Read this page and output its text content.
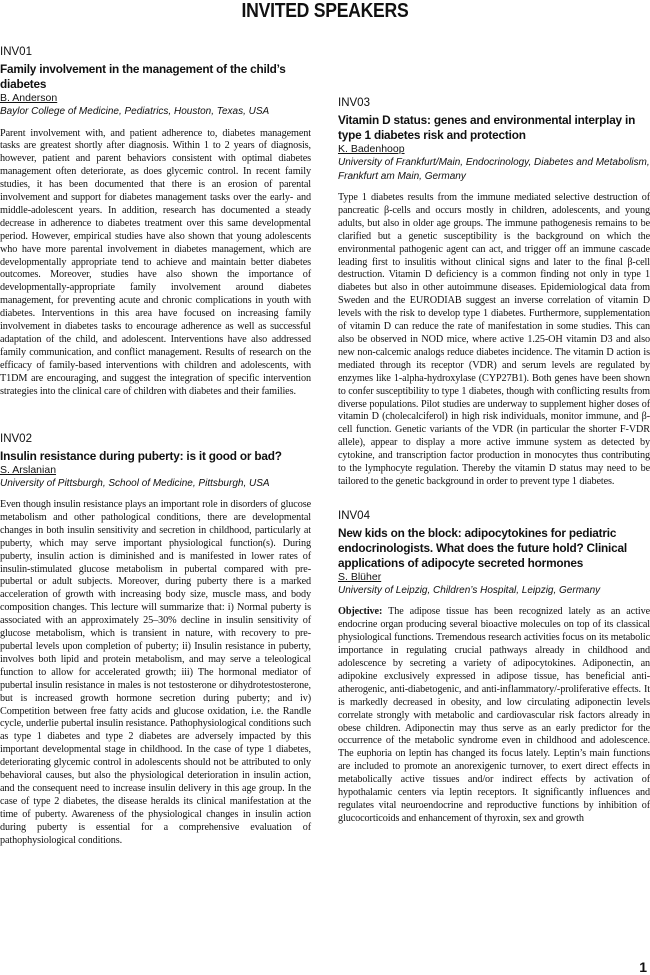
INVITED SPEAKERS
INV01
Family involvement in the management of the child’s diabetes
B. Anderson
Baylor College of Medicine, Pediatrics, Houston, Texas, USA

Parent involvement with, and patient adherence to, diabetes management tasks are greatest shortly after diagnosis. Within 1 to 2 years of diagnosis, however, patient and parent behaviors consistent with optimal diabetes management often deteriorate, as does glycemic control. In recent family studies, it has been documented that there is an erosion of parental involvement and support for diabetes management tasks over the early- and middle-adolescent years. In addition, research has documented a steady decrease in adherence to diabetes treatment over this same developmental period. However, empirical studies have also shown that young adolescents who have more parental involvement in diabetes management, which are developmentally appropriate tend to achieve and maintain better diabetes outcomes. Moreover, studies have also shown the importance of developmentally-appropriate family involvement around diabetes management, for preventing acute and chronic complications in youth with diabetes. Interventions in this area have focused on increasing family involvement in diabetes tasks to encourage adherence as well as successful adaptation of the child, and adolescent. Interventions have also addressed family communication, and conflict management. Results of research on the efficacy of family-based interventions with children and adolescents, with T1DM are encouraging, and suggest the integration of specific intervention strategies into the clinical care of children with diabetes and their families.

INV02
Insulin resistance during puberty: is it good or bad?
S. Arslanian
University of Pittsburgh, School of Medicine, Pittsburgh, USA

Even though insulin resistance plays an important role in disorders of glucose metabolism and other pathological conditions, there are developmental changes in both insulin sensitivity and secretion in childhood, particularly at puberty, which may serve important physiological function(s). During puberty, insulin action is diminished and is manifested in lower rates of insulin-stimulated glucose metabolism in pubertal compared with pre-pubertal or adult subjects. Moreover, during puberty there is a marked acceleration of growth with increasing body size, muscle mass, and body composition changes. This lecture will summarize that: i) Normal puberty is associated with an approximately 25–30% decline in insulin sensitivity of glucose metabolism, which is transient in nature, with recovery to pre-pubertal levels upon completion of puberty; ii) Insulin resistance in puberty, involves both lipid and protein metabolism, and may serve a teleological function to allow for accelerated growth; iii) The hormonal mediator of pubertal insulin resistance in males is not testosterone or dihydrotestosterone, but is increased growth hormone secretion during puberty; and iv) Competition between free fatty acids and glucose oxidation, i.e. the Randle cycle, underlie pubertal insulin resistance. Pathophysiological conditions such as type 1 diabetes and type 2 diabetes are adversely impacted by this important developmental stage in childhood. In the case of type 1 diabetes, deteriorating glycemic control in adolescents should not be attributed to only behavioral causes, but also the physiological deterioration in insulin action, and the consequent need to increase insulin delivery in this age group. In the case of type 2 diabetes, the disease heralds its clinical manifestation at the time of puberty. Awareness of the physiological changes in insulin action during puberty is essential for a comprehensive evaluation of pathophysiological conditions.

INV03
Vitamin D status: genes and environmental interplay in type 1 diabetes risk and protection
K. Badenhoop
University of Frankfurt/Main, Endocrinology, Diabetes and Metabolism, Frankfurt am Main, Germany

Type 1 diabetes results from the immune mediated selective destruction of pancreatic β-cells and occurs mostly in children, adolescents, and young adults, but also in older age groups. The immune pathogenesis remains to be clarified but a genetic susceptibility is the background on which the environmental pathogenic agent can act, and trigger off an immune cascade leading first to insulitis without clinical signs and later to the final β-cell destruction. Vitamin D deficiency is a common finding not only in type 1 diabetes but also in other autoimmune diseases. Epidemiological data from Sweden and the EURODIAB suggest an inverse correlation of vitamin D levels with the risk to develop type 1 diabetes. Furthermore, supplementation of vitamin D can reduce the rate of manifestation in some studies. This can also be observed in NOD mice, where active 1.25-OH vitamin D3 and also new non-calcemic analogs reduce diabetes incidence. The vitamin D action is mediated through its receptor (VDR) and serum levels are regulated by enzymes like 1-alpha-hydroxylase (CYP27B1). Both genes have been shown to confer susceptibility to type 1 diabetes, though with conflicting results from diverse populations. Pilot studies are underway to supplement higher doses of vitamin D (cholecalciferol) in high risk individuals, monitor immune, and β-cell function. Genetic variants of the VDR (in particular the shorter F-VDR allele), appear to display a more active immune system as detected by cytokine, and transcription factor production in monocytes thus contributing to the lymphocyte regulation. Thereby the vitamin D status may need to be tailored to the genetic background in order to prevent type 1 diabetes.

INV04
New kids on the block: adipocytokines for pediatric endocrinologists. What does the future hold? Clinical applications of adipocyte secreted hormones
S. Blüher
University of Leipzig, Children’s Hospital, Leipzig, Germany

Objective: The adipose tissue has been recognized lately as an active endocrine organ producing several bioactive molecules on top of its classical physiological functions. Tremendous research activities focus on its metabolic importance in regulating crucial pathways already in childhood and adolescence by secreting a variety of adipocytokines. Adiponectin, an adipokine exclusively expressed in adipose tissue, has beneficial anti-atherogenic, anti-diabetogenic, and anti-inflammatory/-proliferative effects. It is markedly decreased in obesity, and low circulating adiponectin levels correlate strongly with metabolic and cardiovascular risk factors already in obese children. Adiponectin may thus serve as an early predictor for the occurrence of the metabolic syndrome even in childhood and adolescence. The euphoria on leptin has changed its focus lately. Leptin’s main functions are included to promote an anorexigenic turnover, to exert direct effects in metabolically active tissues and/or indirect effects by activation of hypothalamic centers via leptin receptors. It significantly influences and regulates vital neuroendocrine and reproductive functions by inhibition of glucocorticoids and enhancement of thyroxin, sex and growth

1
